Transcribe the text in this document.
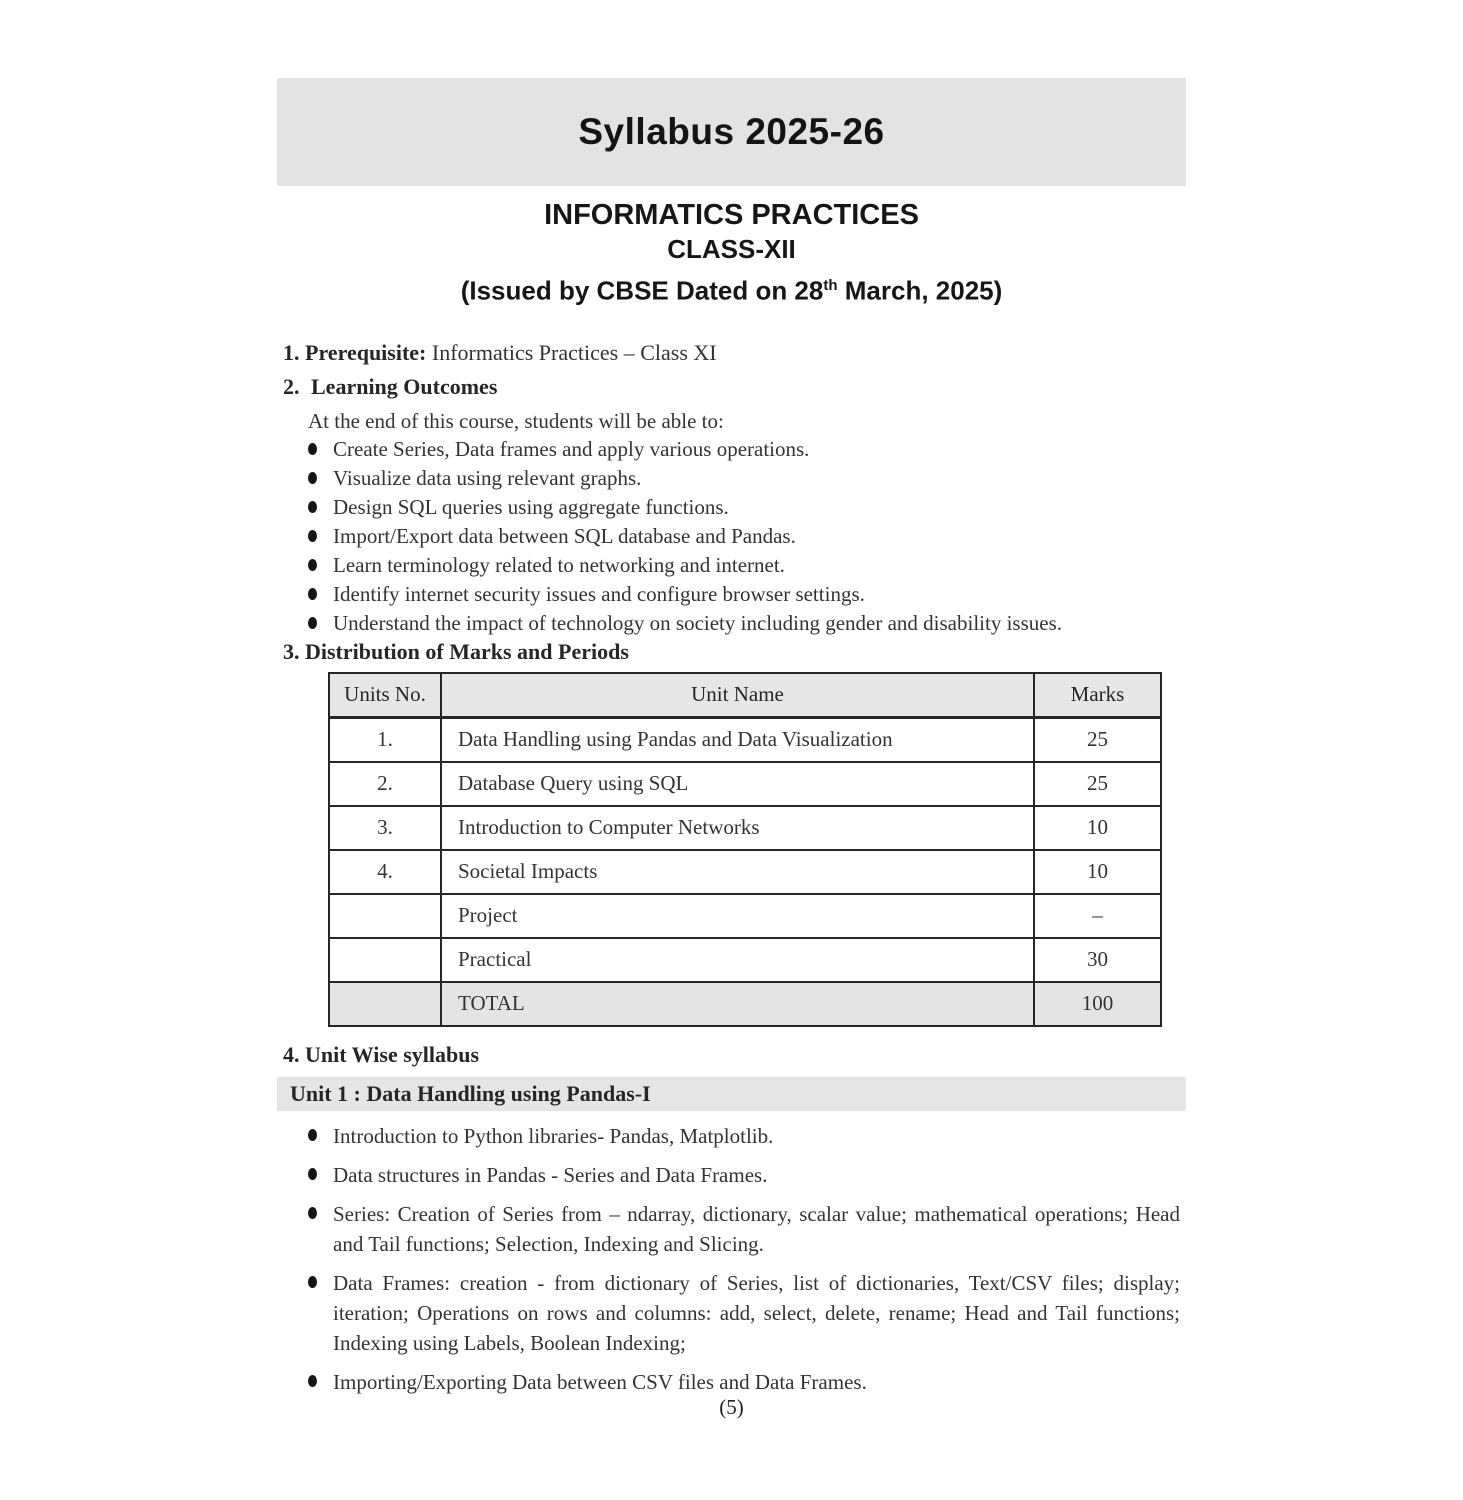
Syllabus 2025-26
INFORMATICS PRACTICES
CLASS-XII
(Issued by CBSE Dated on 28th March, 2025)
1. Prerequisite: Informatics Practices – Class XI
2. Learning Outcomes
At the end of this course, students will be able to:
Create Series, Data frames and apply various operations.
Visualize data using relevant graphs.
Design SQL queries using aggregate functions.
Import/Export data between SQL database and Pandas.
Learn terminology related to networking and internet.
Identify internet security issues and configure browser settings.
Understand the impact of technology on society including gender and disability issues.
3. Distribution of Marks and Periods
Units No.	Unit Name	Marks
1.	Data Handling using Pandas and Data Visualization	25
2.	Database Query using SQL	25
3.	Introduction to Computer Networks	10
4.	Societal Impacts	10
	Project	–
	Practical	30
	TOTAL	100
4. Unit Wise syllabus
Unit 1 : Data Handling using Pandas-I
Introduction to Python libraries- Pandas, Matplotlib.
Data structures in Pandas - Series and Data Frames.
Series: Creation of Series from – ndarray, dictionary, scalar value; mathematical operations; Head and Tail functions; Selection, Indexing and Slicing.
Data Frames: creation - from dictionary of Series, list of dictionaries, Text/CSV files; display; iteration; Operations on rows and columns: add, select, delete, rename; Head and Tail functions; Indexing using Labels, Boolean Indexing;
Importing/Exporting Data between CSV files and Data Frames.
(5)
